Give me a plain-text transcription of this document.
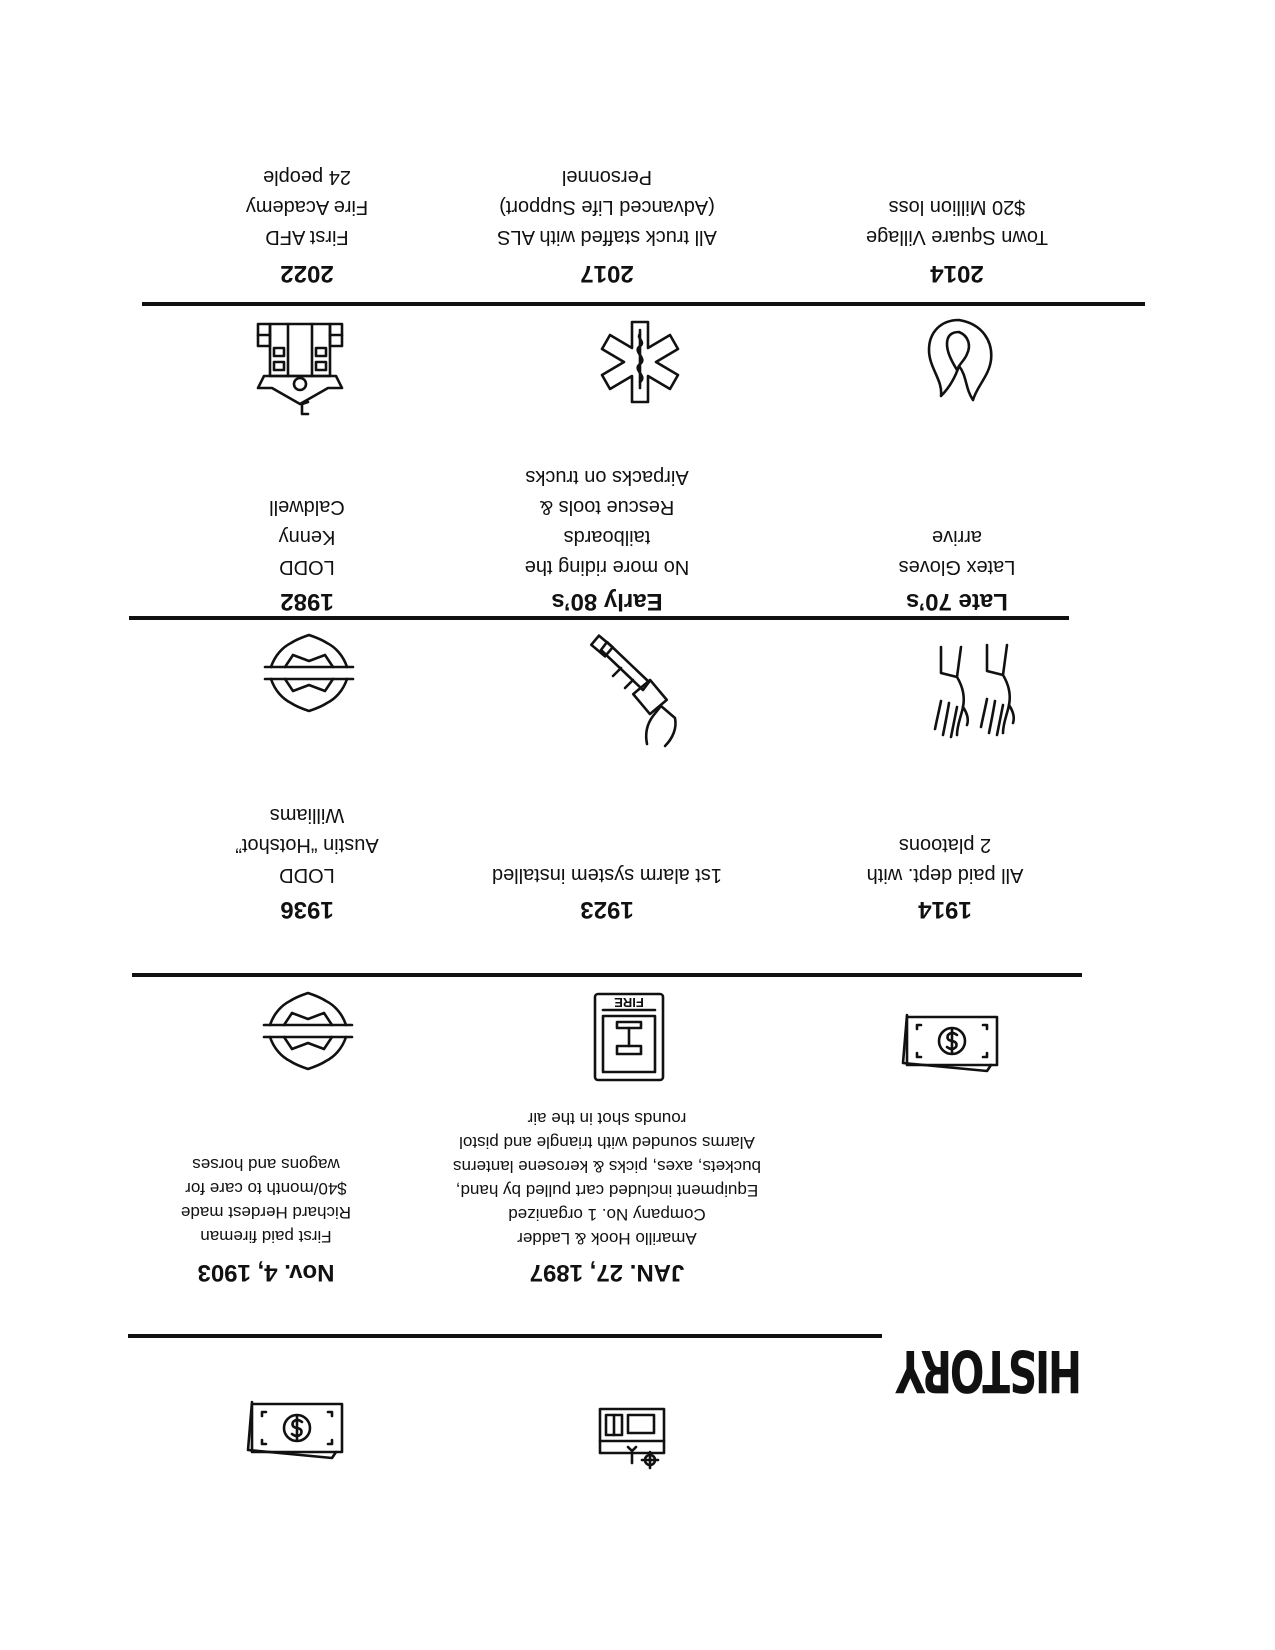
HISTORY
JAN. 27, 1897
Amarillo Hook & Ladder
Company No. 1 organized
Equipment included cart pulled by hand,
buckets, axes, picks & kerosene lanterns
Alarms sounded with triangle and pistol
rounds shot in the air
Nov. 4, 1903
First paid fireman
Richard Herdest made
$40/month to care for
wagons and horses
FIRE
1914
All paid dept. with
2 platoons
1923
1st alarm system installed
1936
LODD
Austin “Hotshot”
Williams
Late 70’s
Latex Gloves
arrive
Early 80’s
No more riding the
tailboards
Rescue tools &
Airpacks on trucks
1982
LODD
Kenny
Caldwell
2014
Town Square Village
$20 Million loss
2017
All truck staffed with ALS
(Advanced Life Support)
Personnel
2022
First AFD
Fire Academy
24 people
